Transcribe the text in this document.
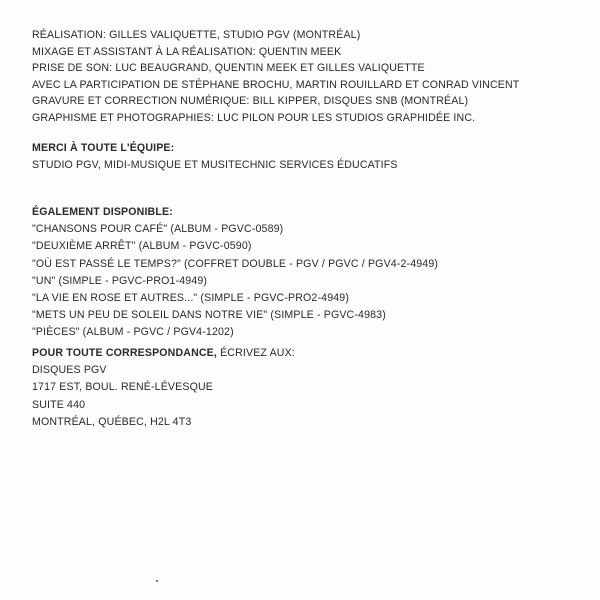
RÉALISATION: GILLES VALIQUETTE, STUDIO PGV (MONTRÉAL)
MIXAGE ET ASSISTANT À LA RÉALISATION: QUENTIN MEEK
PRISE DE SON: LUC BEAUGRAND, QUENTIN MEEK ET GILLES VALIQUETTE
AVEC LA PARTICIPATION DE STÉPHANE BROCHU, MARTIN ROUILLARD ET CONRAD VINCENT
GRAVURE ET CORRECTION NUMÉRIQUE: BILL KIPPER, DISQUES SNB (MONTRÉAL)
GRAPHISME ET PHOTOGRAPHIES: LUC PILON POUR LES STUDIOS GRAPHIDÉE INC.
MERCI À TOUTE L'ÉQUIPE:
STUDIO PGV, MIDI-MUSIQUE ET MUSITECHNIC SERVICES ÉDUCATIFS
ÉGALEMENT DISPONIBLE:
"CHANSONS POUR CAFÉ" (ALBUM - PGVC-0589)
"DEUXIÈME ARRÊT" (ALBUM - PGVC-0590)
"OÙ EST PASSÉ LE TEMPS?" (COFFRET DOUBLE - PGV / PGVC / PGV4-2-4949)
"UN" (SIMPLE - PGVC-PRO1-4949)
"LA VIE EN ROSE ET AUTRES..." (SIMPLE - PGVC-PRO2-4949)
"METS UN PEU DE SOLEIL DANS NOTRE VIE" (SIMPLE - PGVC-4983)
"PIÈCES" (ALBUM - PGVC / PGV4-1202)
POUR TOUTE CORRESPONDANCE, ÉCRIVEZ AUX:
DISQUES PGV
1717 EST, BOUL. RENÉ-LÉVESQUE
SUITE 440
MONTRÉAL, QUÉBEC, H2L 4T3
